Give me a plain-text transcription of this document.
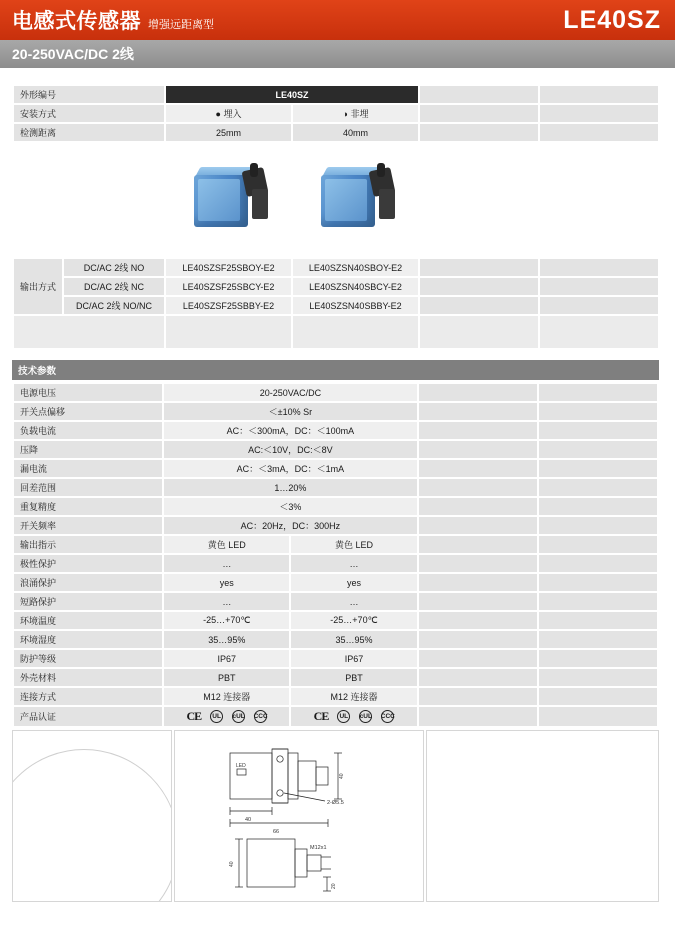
电感式传感器 增强远距离型	LE40SZ
20-250VAC/DC 2线
外形编号		LE40SZ			
安装方式		● 埋入	◑ 非埋		
检测距离		25mm	40mm		

输出方式	DC/AC 2线 NO	LE40SZSF25SBOY-E2	LE40SZSN40SBOY-E2		
	DC/AC 2线 NC	LE40SZSF25SBCY-E2	LE40SZSN40SBCY-E2		
	DC/AC 2线 NO/NC	LE40SZSF25SBBY-E2	LE40SZSN40SBBY-E2		

技术参数
电源电压	20-250VAC/DC			
开关点偏移	＜±10% Sr			
负载电流	AC：＜300mA，DC：＜100mA			
压降	AC:＜10V，DC:＜8V			
漏电流	AC：＜3mA，DC：＜1mA			
回差范围	1…20%			
重复精度	＜3%			
开关频率	AC：20Hz，DC：300Hz			
输出指示	黄色 LED	黄色 LED		
极性保护	…	…		
浪涌保护	yes	yes		
短路保护	…	…		
环境温度	-25…+70℃	-25…+70℃		
环境湿度	35…95%	35…95%		
防护等级	IP67	IP67		
外壳材料	PBT	PBT		
连接方式	M12 连接器	M12 连接器		
产品认证	CE UL cUL CCC	CE UL cUL CCC		

40
66
2-Ø5.5
LED
40
M12x1
40
20
